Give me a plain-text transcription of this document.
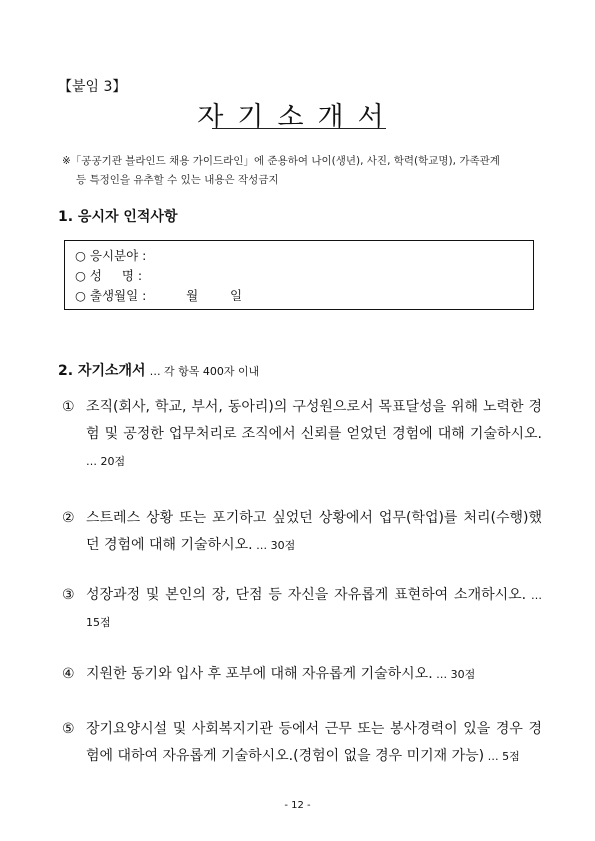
【붙임 3】
자기소개서
※「공공기관 블라인드 채용 가이드라인」에 준용하여 나이(생년), 사진, 학력(학교명), 가족관계
등 특정인을 유추할 수 있는 내용은 작성금지
1. 응시자 인적사항
○ 응시분야 :
○ 성     명 :
○ 출생월일 :          월        일
2. 자기소개서 … 각 항목 400자 이내
① 조직(회사, 학교, 부서, 동아리)의 구성원으로서 목표달성을 위해 노력한 경험 및 공정한 업무처리로 조직에서 신뢰를 얻었던 경험에 대해 기술하시오. … 20점
② 스트레스 상황 또는 포기하고 싶었던 상황에서 업무(학업)를 처리(수행)했던 경험에 대해 기술하시오. … 30점
③ 성장과정 및 본인의 장, 단점 등 자신을 자유롭게 표현하여 소개하시오. … 15점
④ 지원한 동기와 입사 후 포부에 대해 자유롭게 기술하시오. … 30점
⑤ 장기요양시설 및 사회복지기관 등에서 근무 또는 봉사경력이 있을 경우 경험에 대하여 자유롭게 기술하시오.(경험이 없을 경우 미기재 가능) … 5점
- 12 -
